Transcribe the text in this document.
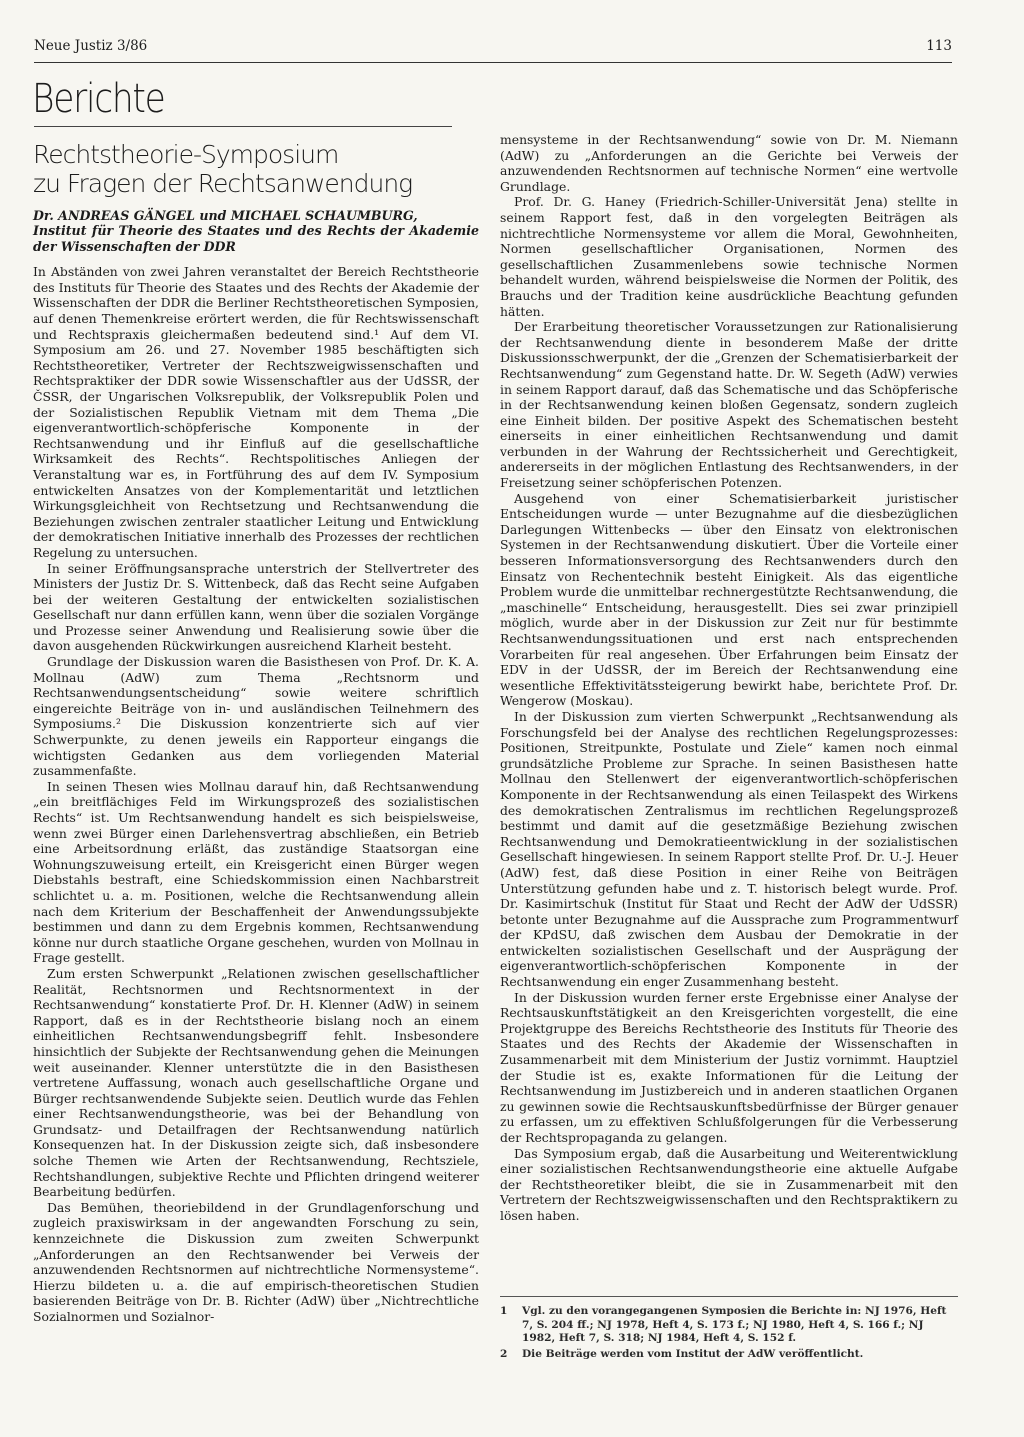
Neue Justiz 3/86	113
Berichte
Rechtstheorie-Symposium
zu Fragen der Rechtsanwendung
Dr. ANDREAS GÄNGEL und MICHAEL SCHAUMBURG,
Institut für Theorie des Staates und des Rechts der Akademie der Wissenschaften der DDR

In Abständen von zwei Jahren veranstaltet der Bereich Rechtstheorie des Instituts für Theorie des Staates und des Rechts der Akademie der Wissenschaften der DDR die Berliner Rechtstheoretischen Symposien, auf denen Themenkreise erörtert werden, die für Rechtswissenschaft und Rechtspraxis gleichermaßen bedeutend sind.¹ Auf dem VI. Symposium am 26. und 27. November 1985 beschäftigten sich Rechtstheoretiker, Vertreter der Rechtszweigwissenschaften und Rechtspraktiker der DDR sowie Wissenschaftler aus der UdSSR, der ČSSR, der Ungarischen Volksrepublik, der Volksrepublik Polen und der Sozialistischen Republik Vietnam mit dem Thema „Die eigenverantwortlich-schöpferische Komponente in der Rechtsanwendung und ihr Einfluß auf die gesellschaftliche Wirksamkeit des Rechts“. Rechtspolitisches Anliegen der Veranstaltung war es, in Fortführung des auf dem IV. Symposium entwickelten Ansatzes von der Komplementarität und letztlichen Wirkungsgleichheit von Rechtsetzung und Rechtsanwendung die Beziehungen zwischen zentraler staatlicher Leitung und Entwicklung der demokratischen Initiative innerhalb des Prozesses der rechtlichen Regelung zu untersuchen.

In seiner Eröffnungsansprache unterstrich der Stellvertreter des Ministers der Justiz Dr. S. Wittenbeck, daß das Recht seine Aufgaben bei der weiteren Gestaltung der entwickelten sozialistischen Gesellschaft nur dann erfüllen kann, wenn über die sozialen Vorgänge und Prozesse seiner Anwendung und Realisierung sowie über die davon ausgehenden Rückwirkungen ausreichend Klarheit besteht.

Grundlage der Diskussion waren die Basisthesen von Prof. Dr. K. A. Mollnau (AdW) zum Thema „Rechtsnorm und Rechtsanwendungsentscheidung“ sowie weitere schriftlich eingereichte Beiträge von in- und ausländischen Teilnehmern des Symposiums.² Die Diskussion konzentrierte sich auf vier Schwerpunkte, zu denen jeweils ein Rapporteur eingangs die wichtigsten Gedanken aus dem vorliegenden Material zusammenfaßte.

In seinen Thesen wies Mollnau darauf hin, daß Rechtsanwendung „ein breitflächiges Feld im Wirkungsprozeß des sozialistischen Rechts“ ist. Um Rechtsanwendung handelt es sich beispielsweise, wenn zwei Bürger einen Darlehensvertrag abschließen, ein Betrieb eine Arbeitsordnung erläßt, das zuständige Staatsorgan eine Wohnungszuweisung erteilt, ein Kreisgericht einen Bürger wegen Diebstahls bestraft, eine Schiedskommission einen Nachbarstreit schlichtet u. a. m. Positionen, welche die Rechtsanwendung allein nach dem Kriterium der Beschaffenheit der Anwendungssubjekte bestimmen und dann zu dem Ergebnis kommen, Rechtsanwendung könne nur durch staatliche Organe geschehen, wurden von Mollnau in Frage gestellt.

Zum ersten Schwerpunkt „Relationen zwischen gesellschaftlicher Realität, Rechtsnormen und Rechtsnormentext in der Rechtsanwendung“ konstatierte Prof. Dr. H. Klenner (AdW) in seinem Rapport, daß es in der Rechtstheorie bislang noch an einem einheitlichen Rechtsanwendungsbegriff fehlt. Insbesondere hinsichtlich der Subjekte der Rechtsanwendung gehen die Meinungen weit auseinander. Klenner unterstützte die in den Basisthesen vertretene Auffassung, wonach auch gesellschaftliche Organe und Bürger rechtsanwendende Subjekte seien. Deutlich wurde das Fehlen einer Rechtsanwendungstheorie, was bei der Behandlung von Grundsatz- und Detailfragen der Rechtsanwendung natürlich Konsequenzen hat. In der Diskussion zeigte sich, daß insbesondere solche Themen wie Arten der Rechtsanwendung, Rechtsziele, Rechtshandlungen, subjektive Rechte und Pflichten dringend weiterer Bearbeitung bedürfen.

Das Bemühen, theoriebildend in der Grundlagenforschung und zugleich praxiswirksam in der angewandten Forschung zu sein, kennzeichnete die Diskussion zum zweiten Schwerpunkt „Anforderungen an den Rechtsanwender bei Verweis der anzuwendenden Rechtsnormen auf nichtrechtliche Normensysteme“. Hierzu bildeten u. a. die auf empirisch-theoretischen Studien basierenden Beiträge von Dr. B. Richter (AdW) über „Nichtrechtliche Sozialnormen und Sozialnor-

mensysteme in der Rechtsanwendung“ sowie von Dr. M. Niemann (AdW) zu „Anforderungen an die Gerichte bei Verweis der anzuwendenden Rechtsnormen auf technische Normen“ eine wertvolle Grundlage.

Prof. Dr. G. Haney (Friedrich-Schiller-Universität Jena) stellte in seinem Rapport fest, daß in den vorgelegten Beiträgen als nichtrechtliche Normensysteme vor allem die Moral, Gewohnheiten, Normen gesellschaftlicher Organisationen, Normen des gesellschaftlichen Zusammenlebens sowie technische Normen behandelt wurden, während beispielsweise die Normen der Politik, des Brauchs und der Tradition keine ausdrückliche Beachtung gefunden hätten.

Der Erarbeitung theoretischer Voraussetzungen zur Rationalisierung der Rechtsanwendung diente in besonderem Maße der dritte Diskussionsschwerpunkt, der die „Grenzen der Schematisierbarkeit der Rechtsanwendung“ zum Gegenstand hatte. Dr. W. Segeth (AdW) verwies in seinem Rapport darauf, daß das Schematische und das Schöpferische in der Rechtsanwendung keinen bloßen Gegensatz, sondern zugleich eine Einheit bilden. Der positive Aspekt des Schematischen besteht einerseits in einer einheitlichen Rechtsanwendung und damit verbunden in der Wahrung der Rechtssicherheit und Gerechtigkeit, andererseits in der möglichen Entlastung des Rechtsanwenders, in der Freisetzung seiner schöpferischen Potenzen.

Ausgehend von einer Schematisierbarkeit juristischer Entscheidungen wurde — unter Bezugnahme auf die diesbezüglichen Darlegungen Wittenbecks — über den Einsatz von elektronischen Systemen in der Rechtsanwendung diskutiert. Über die Vorteile einer besseren Informationsversorgung des Rechtsanwenders durch den Einsatz von Rechentechnik besteht Einigkeit. Als das eigentliche Problem wurde die unmittelbar rechnergestützte Rechtsanwendung, die „maschinelle“ Entscheidung, herausgestellt. Dies sei zwar prinzipiell möglich, wurde aber in der Diskussion zur Zeit nur für bestimmte Rechtsanwendungssituationen und erst nach entsprechenden Vorarbeiten für real angesehen. Über Erfahrungen beim Einsatz der EDV in der UdSSR, der im Bereich der Rechtsanwendung eine wesentliche Effektivitätssteigerung bewirkt habe, berichtete Prof. Dr. Wengerow (Moskau).

In der Diskussion zum vierten Schwerpunkt „Rechtsanwendung als Forschungsfeld bei der Analyse des rechtlichen Regelungsprozesses: Positionen, Streitpunkte, Postulate und Ziele“ kamen noch einmal grundsätzliche Probleme zur Sprache. In seinen Basisthesen hatte Mollnau den Stellenwert der eigenverantwortlich-schöpferischen Komponente in der Rechtsanwendung als einen Teilaspekt des Wirkens des demokratischen Zentralismus im rechtlichen Regelungsprozeß bestimmt und damit auf die gesetzmäßige Beziehung zwischen Rechtsanwendung und Demokratieentwicklung in der sozialistischen Gesellschaft hingewiesen. In seinem Rapport stellte Prof. Dr. U.-J. Heuer (AdW) fest, daß diese Position in einer Reihe von Beiträgen Unterstützung gefunden habe und z. T. historisch belegt wurde. Prof. Dr. Kasimirtschuk (Institut für Staat und Recht der AdW der UdSSR) betonte unter Bezugnahme auf die Aussprache zum Programmentwurf der KPdSU, daß zwischen dem Ausbau der Demokratie in der entwickelten sozialistischen Gesellschaft und der Ausprägung der eigenverantwortlich-schöpferischen Komponente in der Rechtsanwendung ein enger Zusammenhang besteht.

In der Diskussion wurden ferner erste Ergebnisse einer Analyse der Rechtsauskunftstätigkeit an den Kreisgerichten vorgestellt, die eine Projektgruppe des Bereichs Rechtstheorie des Instituts für Theorie des Staates und des Rechts der Akademie der Wissenschaften in Zusammenarbeit mit dem Ministerium der Justiz vornimmt. Hauptziel der Studie ist es, exakte Informationen für die Leitung der Rechtsanwendung im Justizbereich und in anderen staatlichen Organen zu gewinnen sowie die Rechtsauskunftsbedürfnisse der Bürger genauer zu erfassen, um zu effektiven Schlußfolgerungen für die Verbesserung der Rechtspropaganda zu gelangen.

Das Symposium ergab, daß die Ausarbeitung und Weiterentwicklung einer sozialistischen Rechtsanwendungstheorie eine aktuelle Aufgabe der Rechtstheoretiker bleibt, die sie in Zusammenarbeit mit den Vertretern der Rechtszweigwissenschaften und den Rechtspraktikern zu lösen haben.

1	Vgl. zu den vorangegangenen Symposien die Berichte in: NJ 1976, Heft 7, S. 204 ff.; NJ 1978, Heft 4, S. 173 f.; NJ 1980, Heft 4, S. 166 f.; NJ 1982, Heft 7, S. 318; NJ 1984, Heft 4, S. 152 f.
2	Die Beiträge werden vom Institut der AdW veröffentlicht.
